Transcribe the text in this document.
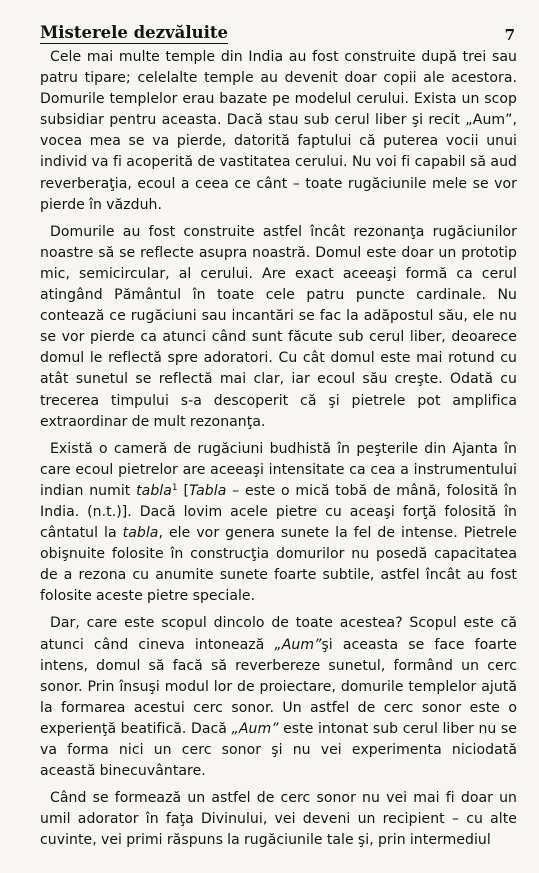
Misterele dezvăluite	7

Cele mai multe temple din India au fost construite după trei sau patru tipare; celelalte temple au devenit doar copii ale acestora. Domurile templelor erau bazate pe modelul cerului. Exista un scop subsidiar pentru aceasta. Dacă stau sub cerul liber şi recit „Aum”, vocea mea se va pierde, datorită faptului că puterea vocii unui individ va fi acoperită de vastitatea cerului. Nu voi fi capabil să aud reverberaţia, ecoul a ceea ce cânt – toate rugăciunile mele se vor pierde în văzduh.

Domurile au fost construite astfel încât rezonanţa rugăciunilor noastre să se reflecte asupra noastră. Domul este doar un prototip mic, semicircular, al cerului. Are exact aceeaşi formă ca cerul atingând Pământul în toate cele patru puncte cardinale. Nu contează ce rugăciuni sau incantări se fac la adăpostul său, ele nu se vor pierde ca atunci când sunt făcute sub cerul liber, deoarece domul le reflectă spre adoratori. Cu cât domul este mai rotund cu atât sunetul se reflectă mai clar, iar ecoul său creşte. Odată cu trecerea timpului s-a descoperit că şi pietrele pot amplifica extraordinar de mult rezonanţa.

Există o cameră de rugăciuni budhistă în peşterile din Ajanta în care ecoul pietrelor are aceeaşi intensitate ca cea a instrumentului indian numit tabla$^1$ [Tabla – este o mică tobă de mână, folosită în India. (n.t.)]. Dacă lovim acele pietre cu aceaşi forţă folosită în cântatul la tabla, ele vor genera sunete la fel de intense. Pietrele obişnuite folosite în construcţia domurilor nu posedă capacitatea de a rezona cu anumite sunete foarte subtile, astfel încât au fost folosite aceste pietre speciale.

Dar, care este scopul dincolo de toate acestea? Scopul este că atunci când cineva intonează „Aum”şi aceasta se face foarte intens, domul să facă să reverbereze sunetul, formând un cerc sonor. Prin însuşi modul lor de proiectare, domurile templelor ajută la formarea acestui cerc sonor. Un astfel de cerc sonor este o experienţă beatifică. Dacă „Aum” este intonat sub cerul liber nu se va forma nici un cerc sonor şi nu vei experimenta niciodată această binecuvântare.

Când se formează un astfel de cerc sonor nu vei mai fi doar un umil adorator în faţa Divinului, vei deveni un recipient – cu alte cuvinte, vei primi răspuns la rugăciunile tale şi, prin intermediul
